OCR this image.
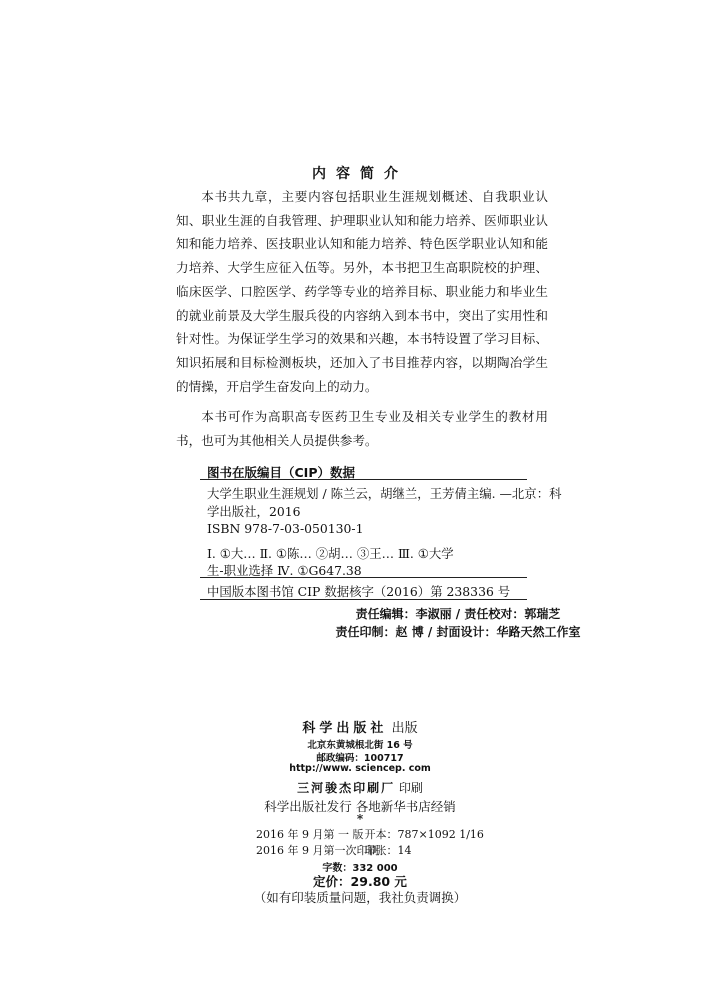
内容简介

本书共九章，主要内容包括职业生涯规划概述、自我职业认知、职业生涯的自我管理、护理职业认知和能力培养、医师职业认知和能力培养、医技职业认知和能力培养、特色医学职业认知和能力培养、大学生应征入伍等。另外，本书把卫生高职院校的护理、临床医学、口腔医学、药学等专业的培养目标、职业能力和毕业生的就业前景及大学生服兵役的内容纳入到本书中，突出了实用性和针对性。为保证学生学习的效果和兴趣，本书特设置了学习目标、知识拓展和目标检测板块，还加入了书目推荐内容，以期陶冶学生的情操，开启学生奋发向上的动力。

本书可作为高职高专医药卫生专业及相关专业学生的教材用书，也可为其他相关人员提供参考。

图书在版编目（CIP）数据
大学生职业生涯规划 / 陈兰云，胡继兰，王芳倩主编. —北京：科
学出版社，2016
ISBN 978-7-03-050130-1
Ⅰ. ①大… Ⅱ. ①陈… ②胡… ③王… Ⅲ. ①大学
生-职业选择 Ⅳ. ①G647.38
中国版本图书馆 CIP 数据核字（2016）第 238336 号
责任编辑：李淑丽 / 责任校对：郭瑞芝
责任印制：赵 博 / 封面设计：华路天然工作室
科学出版社 出版
北京东黄城根北街 16 号
邮政编码：100717
http://www. sciencep. com
三河骏杰印刷厂 印刷
科学出版社发行 各地新华书店经销
*
2016 年 9 月第 一 版 开本：787×1092 1/16
2016 年 9 月第一次印刷 印张：14
字数：332 000
定价：29.80 元
（如有印装质量问题，我社负责调换）
